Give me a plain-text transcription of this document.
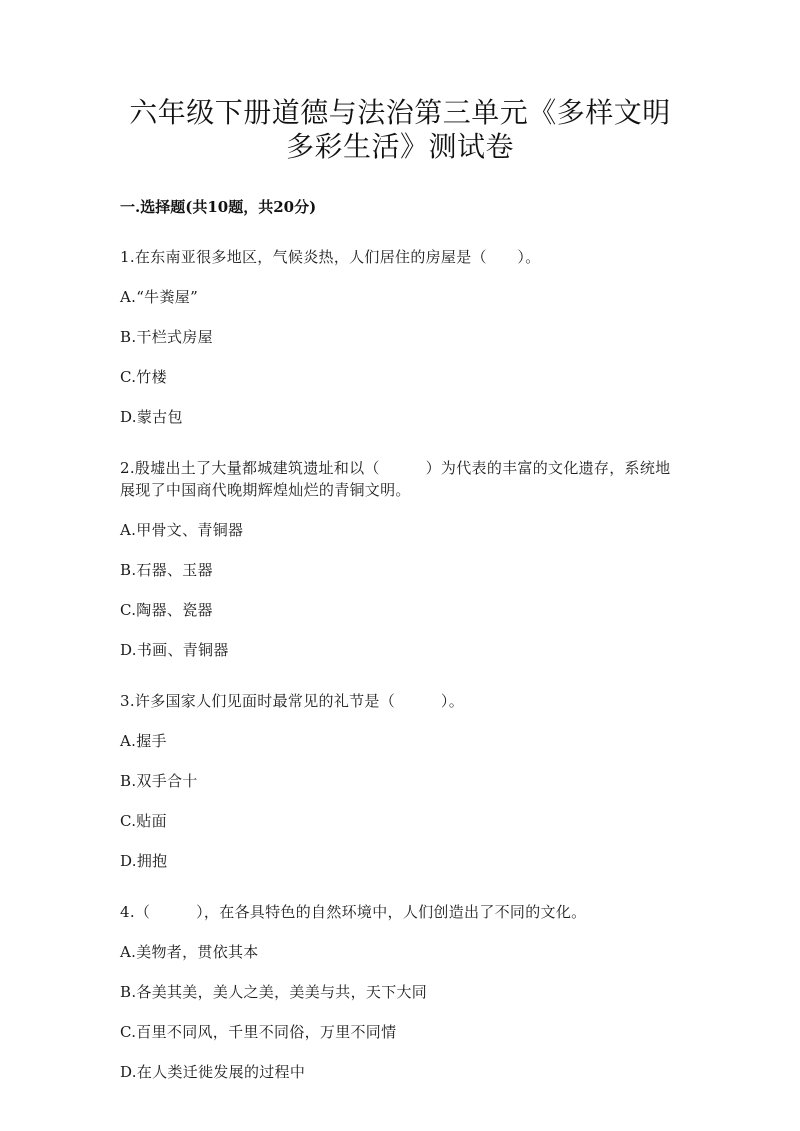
六年级下册道德与法治第三单元《多样文明 多彩生活》测试卷
一.选择题(共10题，共20分)

1.在东南亚很多地区，气候炎热，人们居住的房屋是（　　）。

A.“牛粪屋”
B.干栏式房屋
C.竹楼
D.蒙古包

2.殷墟出土了大量都城建筑遗址和以（　　　）为代表的丰富的文化遗存，系统地展现了中国商代晚期辉煌灿烂的青铜文明。

A.甲骨文、青铜器
B.石器、玉器
C.陶器、瓷器
D.书画、青铜器

3.许多国家人们见面时最常见的礼节是（　　　）。

A.握手
B.双手合十
C.贴面
D.拥抱

4.（　　　），在各具特色的自然环境中，人们创造出了不同的文化。

A.美物者，贯依其本
B.各美其美，美人之美，美美与共，天下大同
C.百里不同风，千里不同俗，万里不同情
D.在人类迁徙发展的过程中
